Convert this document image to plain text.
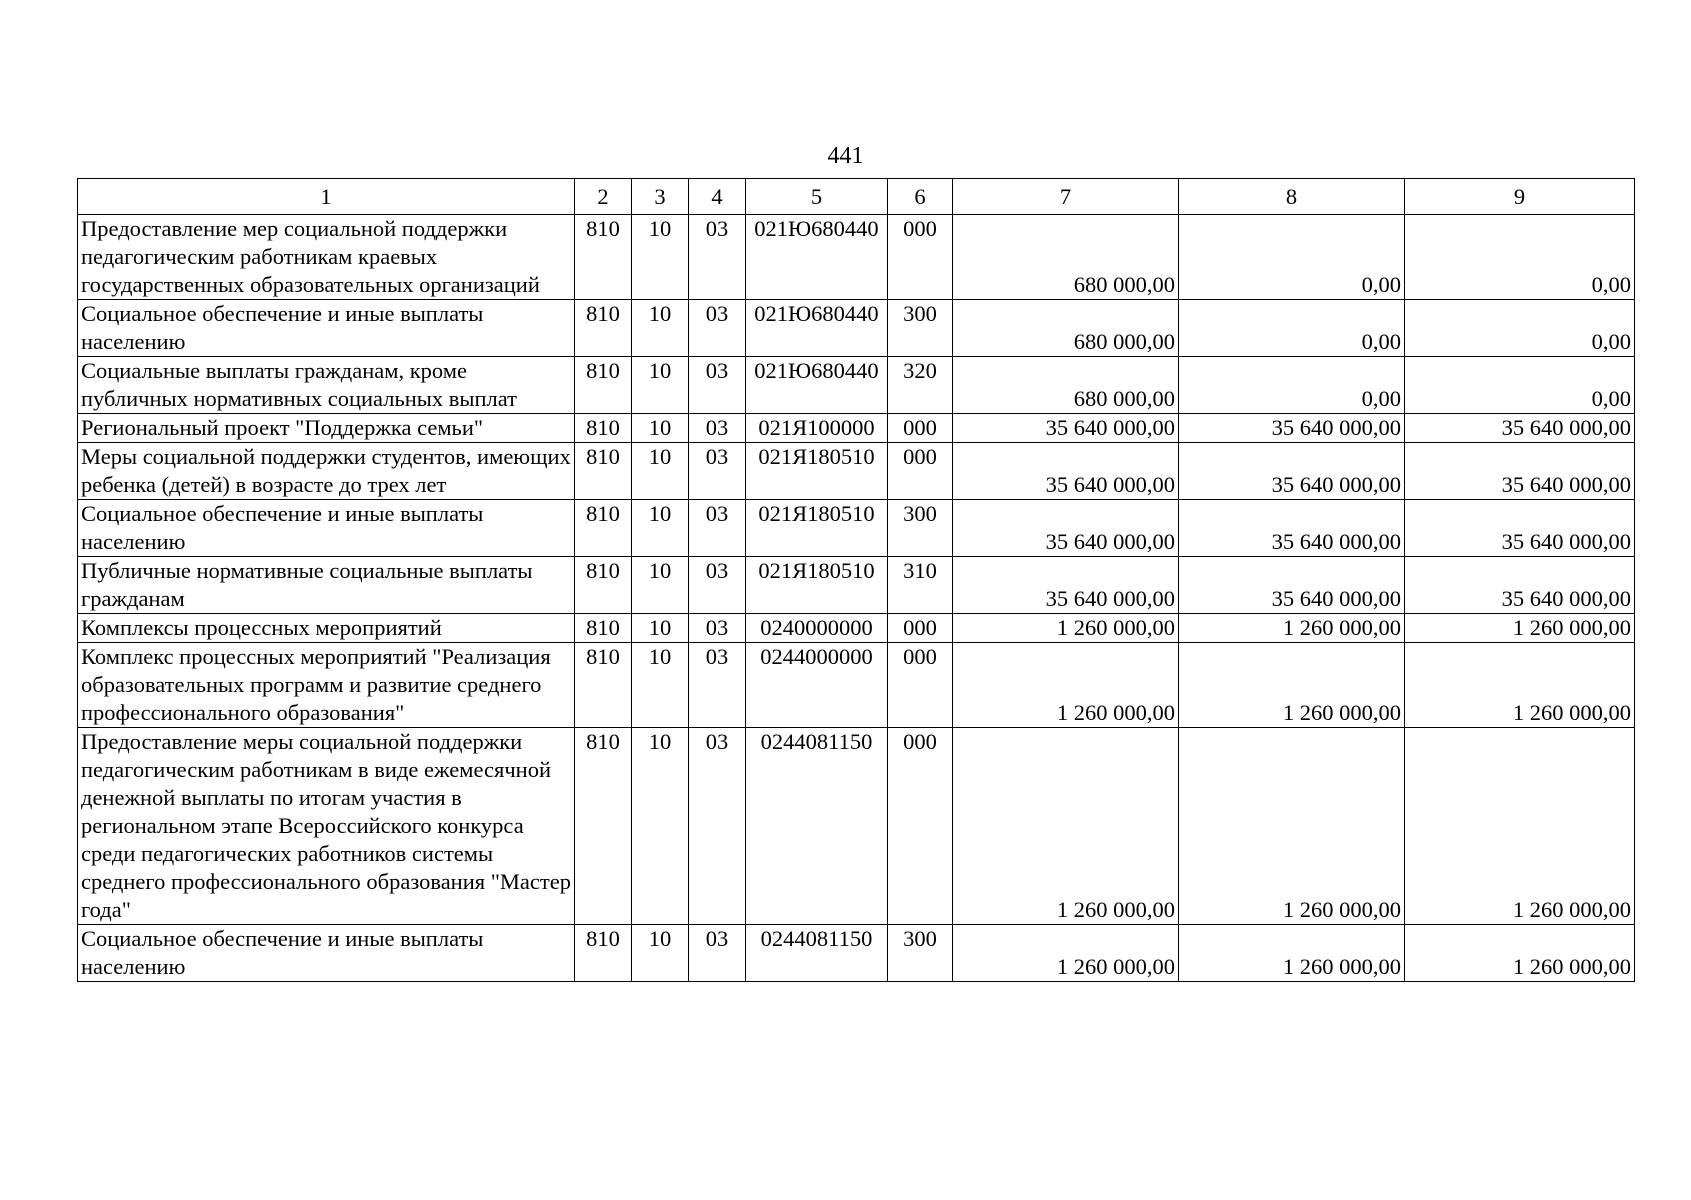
441
1	2	3	4	5	6	7	8	9
Предоставление мер социальной поддержки педагогическим работникам краевых государственных образовательных организаций	810	10	03	021Ю680440	000	680 000,00	0,00	0,00
Социальное обеспечение и иные выплаты населению	810	10	03	021Ю680440	300	680 000,00	0,00	0,00
Социальные выплаты гражданам, кроме публичных нормативных социальных выплат	810	10	03	021Ю680440	320	680 000,00	0,00	0,00
Региональный проект "Поддержка семьи"	810	10	03	021Я100000	000	35 640 000,00	35 640 000,00	35 640 000,00
Меры социальной поддержки студентов, имеющих ребенка (детей) в возрасте до трех лет	810	10	03	021Я180510	000	35 640 000,00	35 640 000,00	35 640 000,00
Социальное обеспечение и иные выплаты населению	810	10	03	021Я180510	300	35 640 000,00	35 640 000,00	35 640 000,00
Публичные нормативные социальные выплаты гражданам	810	10	03	021Я180510	310	35 640 000,00	35 640 000,00	35 640 000,00
Комплексы процессных мероприятий	810	10	03	0240000000	000	1 260 000,00	1 260 000,00	1 260 000,00
Комплекс процессных мероприятий "Реализация образовательных программ и развитие среднего профессионального образования"	810	10	03	0244000000	000	1 260 000,00	1 260 000,00	1 260 000,00
Предоставление меры социальной поддержки педагогическим работникам в виде ежемесячной денежной выплаты по итогам участия в региональном этапе Всероссийского конкурса среди педагогических работников системы среднего профессионального образования "Мастер года"	810	10	03	0244081150	000	1 260 000,00	1 260 000,00	1 260 000,00
Социальное обеспечение и иные выплаты населению	810	10	03	0244081150	300	1 260 000,00	1 260 000,00	1 260 000,00
